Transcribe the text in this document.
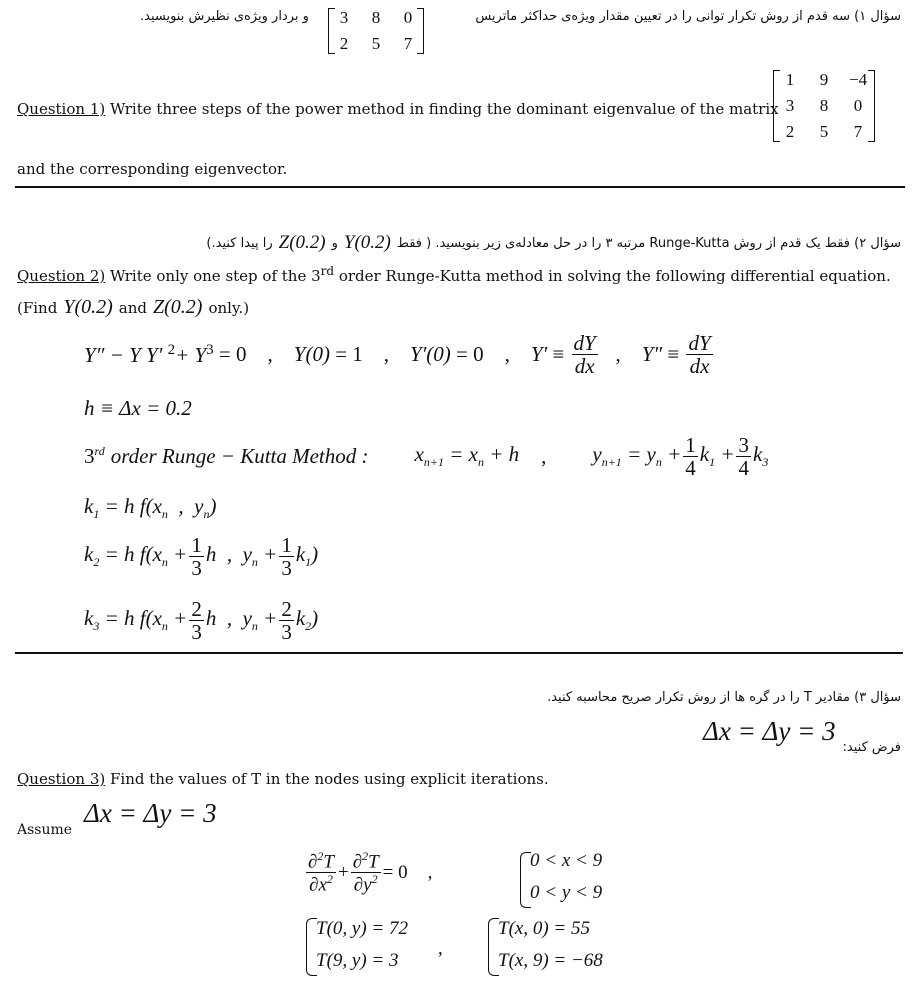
سؤال ۱) سه قدم از روش تکرار توانی را در تعیین مقدار ویژه‌ی حداکثر ماتریس
3 8 0
2 5 7
و بردار ویژه‌ی نظیرش بنویسید.
Question 1) Write three steps of the power method in finding the dominant eigenvalue of the matrix
1 9 −4
3 8 0
2 5 7
and the corresponding eigenvector.
سؤال ۲) فقط یک قدم از روش Runge-Kutta مرتبه ۳ را در حل معادله‌ی زیر بنویسید. ( فقط
Y(0.2)
و
Z(0.2)
را پیدا کنید.)
Question 2) Write only one step of the 3rd order Runge-Kutta method in solving the following differential equation.
(Find Y(0.2) and Z(0.2) only.)
Y″ − Y Y′ $^2+ Y^3 = 0$    , Y(0) = 1    , Y′(0) = 0    , $Y' \equiv \frac{dY}{dx}$ , $Y'' \equiv \frac{dY}{dx}$
h ≡ Δx = 0.2
3rd order Runge − Kutta Method : $x_{n+1} = x_n + h$ , $y_{n+1} = y_n + \frac{1}{4} k_1 + \frac{3}{4} k_3$
$k_1 = h$ $f(x_n$  ,  $y_n$)
$k_2 = h$ $f(x_n + \frac{1}{3}$ h  ,  $y_n + \frac{1}{3} k_1$)
$k_3 = h$ $f(x_n + \frac{2}{3}$ h  ,  $y_n + \frac{2}{3} k_2$)
سؤال ۳) مقادیر T را در گره ها از روش تکرار صریح محاسبه کنید.
فرض کنید:
Δx = Δy = 3
Question 3) Find the values of T in the nodes using explicit iterations.
Assume
Δx = Δy = 3
$\frac{\partial^2T}{\partial x^2} + \frac{\partial^2T}{\partial y^2} = 0$ ,
0 < x < 9
0 < y < 9
T(0, y) = 72
T(9, y) = 3
,
T(x, 0) = 55
T(x, 9) = −68
